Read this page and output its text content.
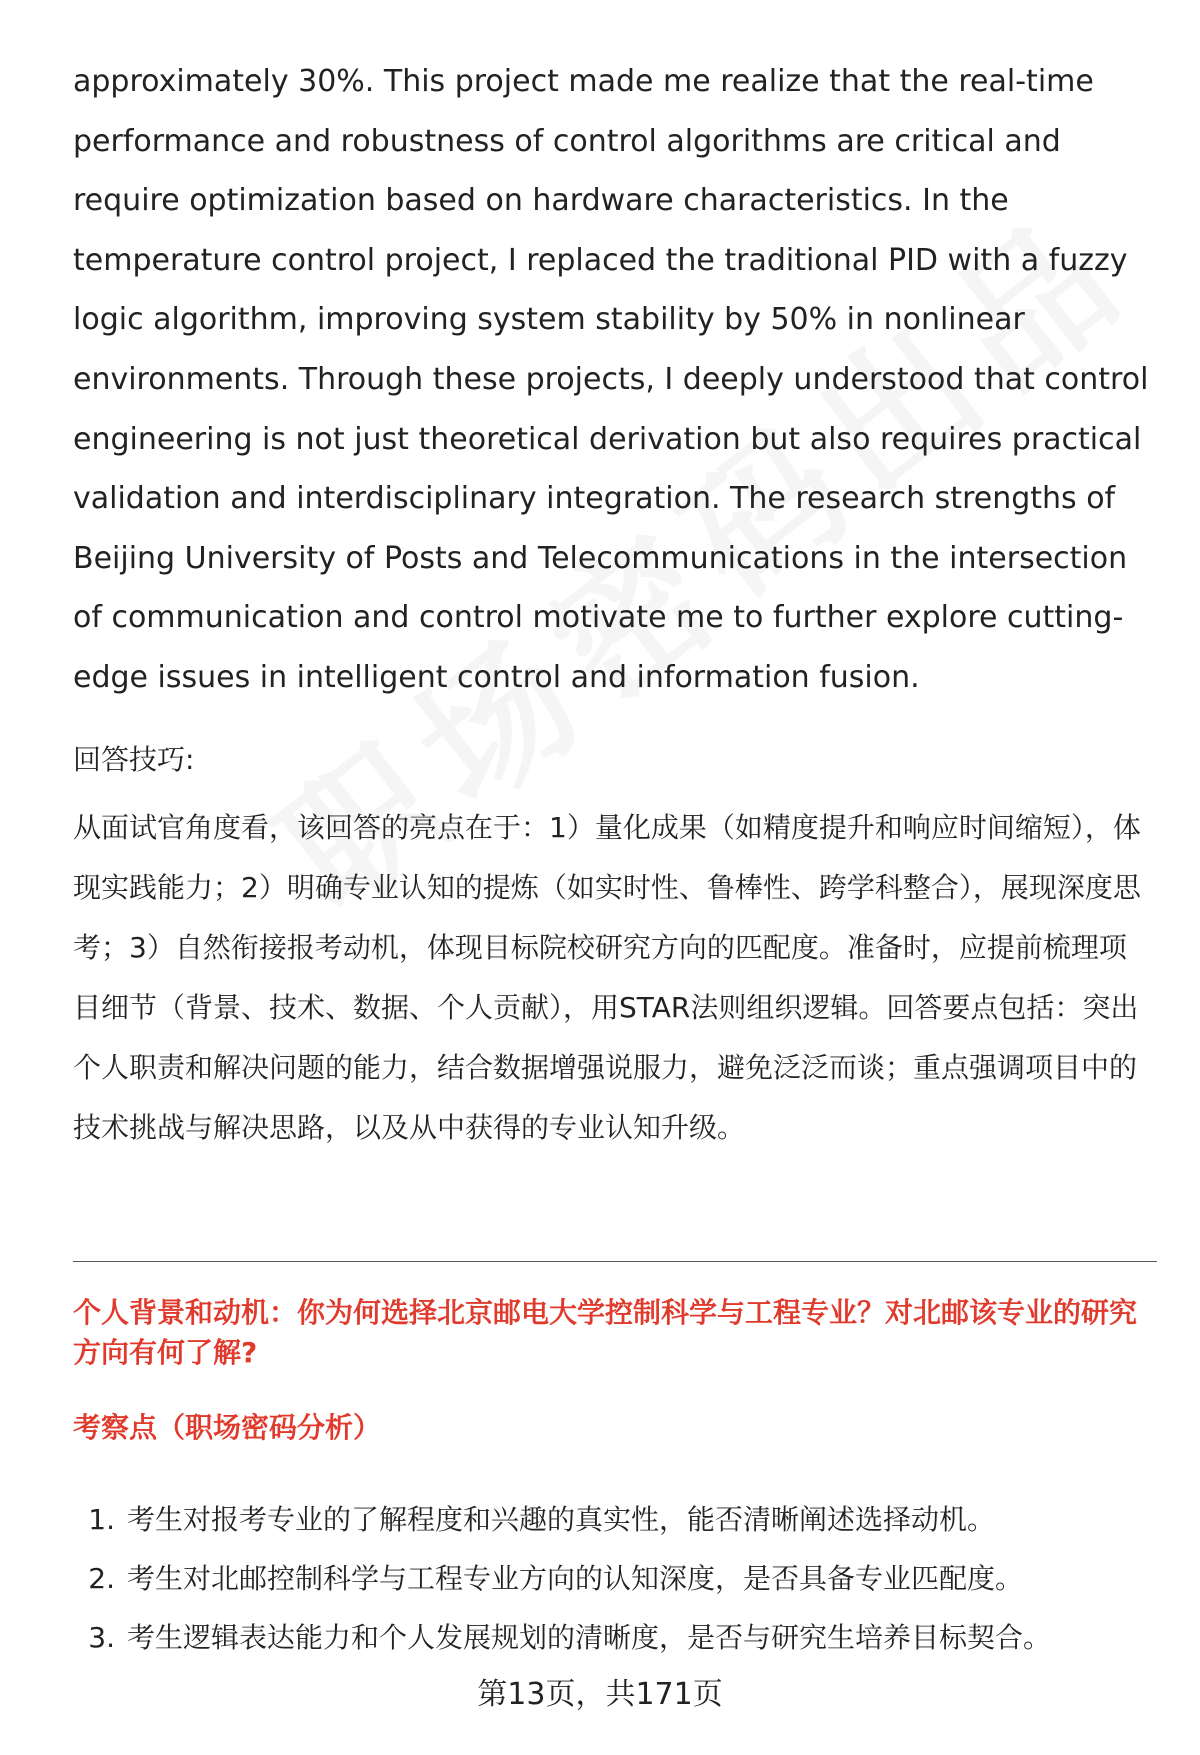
approximately 30%. This project made me realize that the real-time performance and robustness of control algorithms are critical and require optimization based on hardware characteristics. In the temperature control project, I replaced the traditional PID with a fuzzy logic algorithm, improving system stability by 50% in nonlinear environments. Through these projects, I deeply understood that control engineering is not just theoretical derivation but also requires practical validation and interdisciplinary integration. The research strengths of Beijing University of Posts and Telecommunications in the intersection of communication and control motivate me to further explore cutting-edge issues in intelligent control and information fusion.

回答技巧:

从面试官角度看，该回答的亮点在于：1）量化成果（如精度提升和响应时间缩短），体现实践能力；2）明确专业认知的提炼（如实时性、鲁棒性、跨学科整合），展现深度思考；3）自然衔接报考动机，体现目标院校研究方向的匹配度。准备时，应提前梳理项目细节（背景、技术、数据、个人贡献），用STAR法则组织逻辑。回答要点包括：突出个人职责和解决问题的能力，结合数据增强说服力，避免泛泛而谈；重点强调项目中的技术挑战与解决思路，以及从中获得的专业认知升级。

个人背景和动机：你为何选择北京邮电大学控制科学与工程专业？对北邮该专业的研究方向有何了解?

考察点（职场密码分析）

1. 考生对报考专业的了解程度和兴趣的真实性，能否清晰阐述选择动机。
2. 考生对北邮控制科学与工程专业方向的认知深度，是否具备专业匹配度。
3. 考生逻辑表达能力和个人发展规划的清晰度，是否与研究生培养目标契合。
第13页，共171页
